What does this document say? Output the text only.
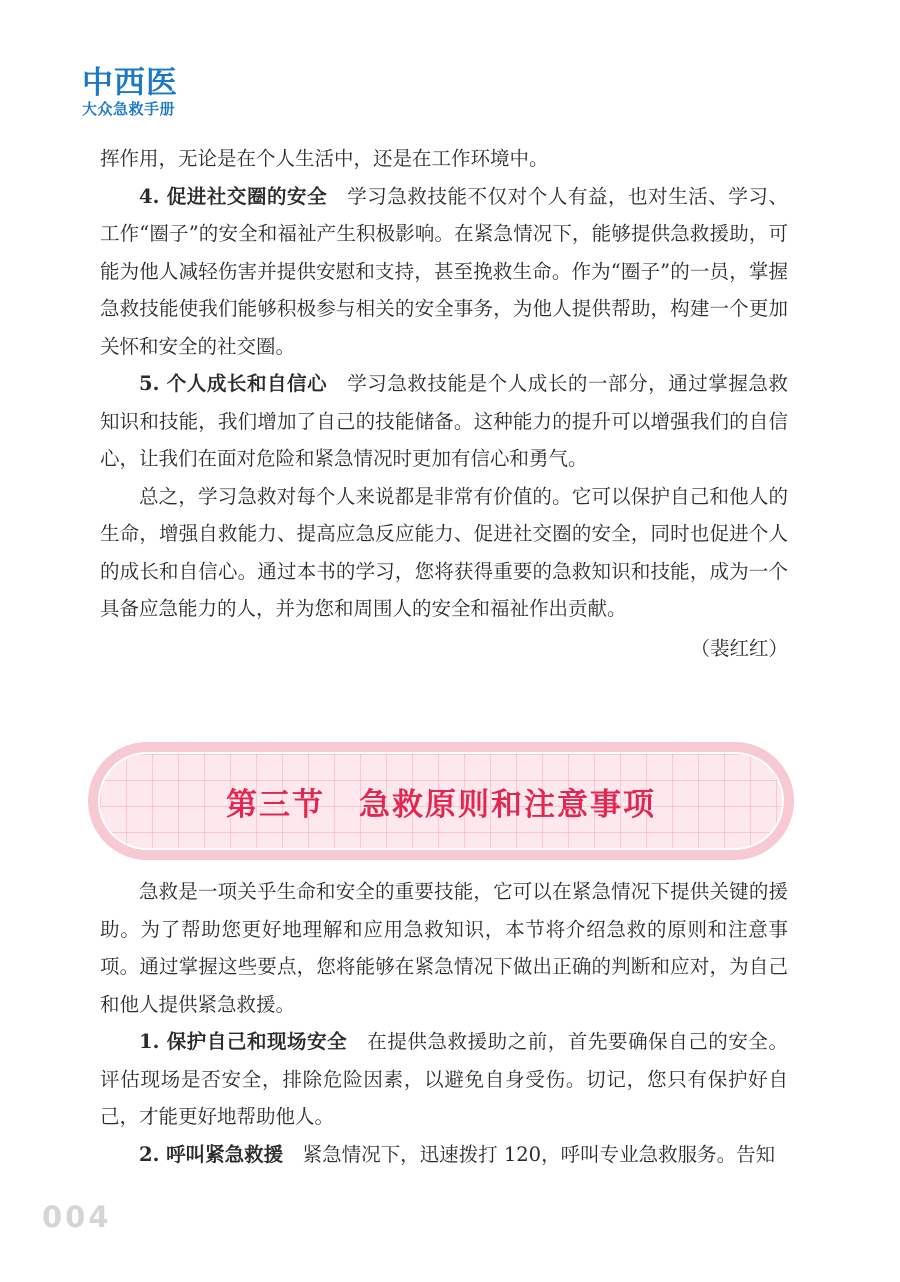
中西医
大众急救手册

挥作用，无论是在个人生活中，还是在工作环境中。

4. 促进社交圈的安全 学习急救技能不仅对个人有益，也对生活、学习、工作“圈子”的安全和福祉产生积极影响。在紧急情况下，能够提供急救援助，可能为他人减轻伤害并提供安慰和支持，甚至挽救生命。作为“圈子”的一员，掌握急救技能使我们能够积极参与相关的安全事务，为他人提供帮助，构建一个更加关怀和安全的社交圈。

5. 个人成长和自信心 学习急救技能是个人成长的一部分，通过掌握急救知识和技能，我们增加了自己的技能储备。这种能力的提升可以增强我们的自信心，让我们在面对危险和紧急情况时更加有信心和勇气。

总之，学习急救对每个人来说都是非常有价值的。它可以保护自己和他人的生命，增强自救能力、提高应急反应能力、促进社交圈的安全，同时也促进个人的成长和自信心。通过本书的学习，您将获得重要的急救知识和技能，成为一个具备应急能力的人，并为您和周围人的安全和福祉作出贡献。

（裴红红）

第三节 急救原则和注意事项

急救是一项关乎生命和安全的重要技能，它可以在紧急情况下提供关键的援助。为了帮助您更好地理解和应用急救知识，本节将介绍急救的原则和注意事项。通过掌握这些要点，您将能够在紧急情况下做出正确的判断和应对，为自己和他人提供紧急救援。

1. 保护自己和现场安全 在提供急救援助之前，首先要确保自己的安全。评估现场是否安全，排除危险因素，以避免自身受伤。切记，您只有保护好自己，才能更好地帮助他人。

2. 呼叫紧急救援 紧急情况下，迅速拨打 120，呼叫专业急救服务。告知

004
